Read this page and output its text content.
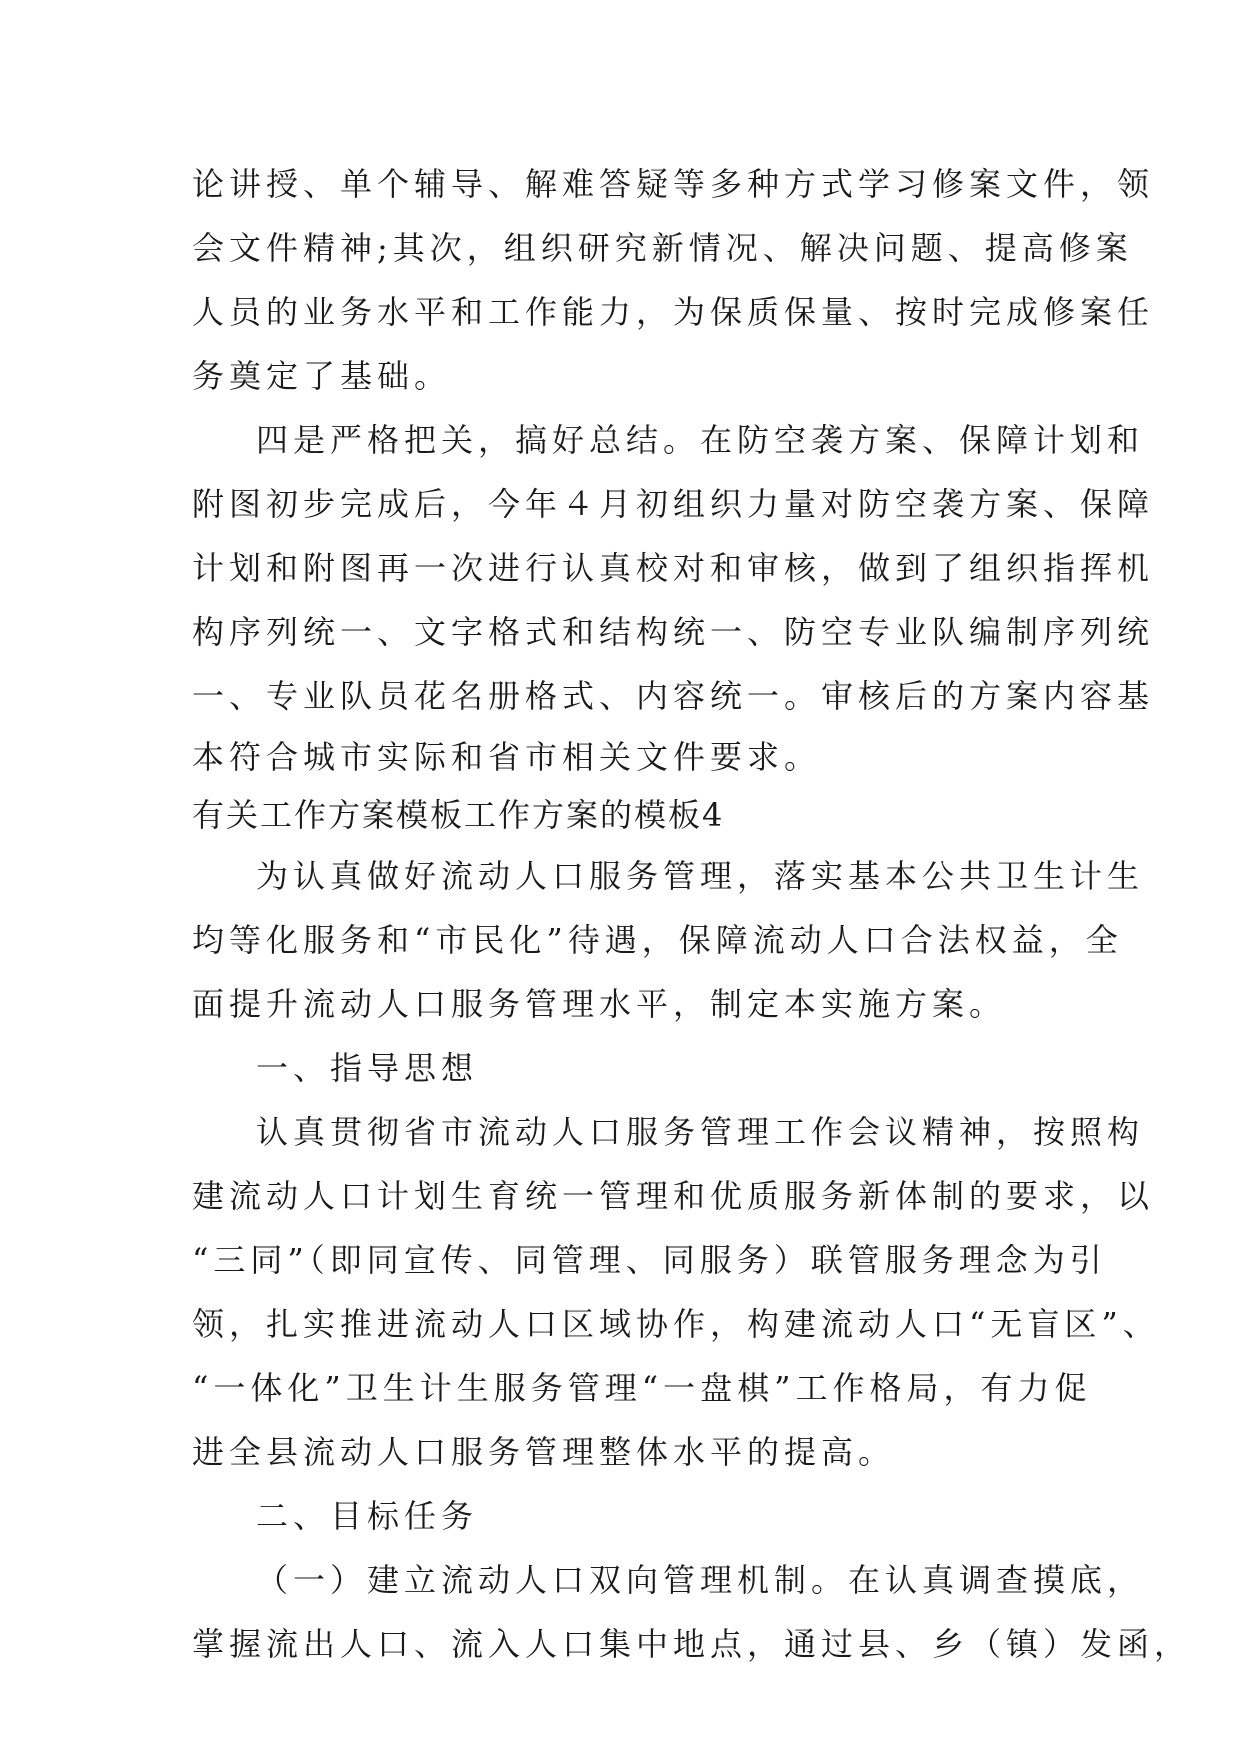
论讲授、单个辅导、解难答疑等多种方式学习修案文件，领
会文件精神;其次，组织研究新情况、解决问题、提高修案
人员的业务水平和工作能力，为保质保量、按时完成修案任
务奠定了基础。
四是严格把关，搞好总结。在防空袭方案、保障计划和
附图初步完成后，今年４月初组织力量对防空袭方案、保障
计划和附图再一次进行认真校对和审核，做到了组织指挥机
构序列统一、文字格式和结构统一、防空专业队编制序列统
一、专业队员花名册格式、内容统一。审核后的方案内容基
本符合城市实际和省市相关文件要求。
有关工作方案模板工作方案的模板4
为认真做好流动人口服务管理，落实基本公共卫生计生
均等化服务和“市民化”待遇，保障流动人口合法权益，全
面提升流动人口服务管理水平，制定本实施方案。
一、指导思想
认真贯彻省市流动人口服务管理工作会议精神，按照构
建流动人口计划生育统一管理和优质服务新体制的要求，以
“三同”（即同宣传、同管理、同服务）联管服务理念为引
领，扎实推进流动人口区域协作，构建流动人口“无盲区”、
“一体化”卫生计生服务管理“一盘棋”工作格局，有力促
进全县流动人口服务管理整体水平的提高。
二、目标任务
（一）建立流动人口双向管理机制。在认真调查摸底，
掌握流出人口、流入人口集中地点，通过县、乡（镇）发函，
